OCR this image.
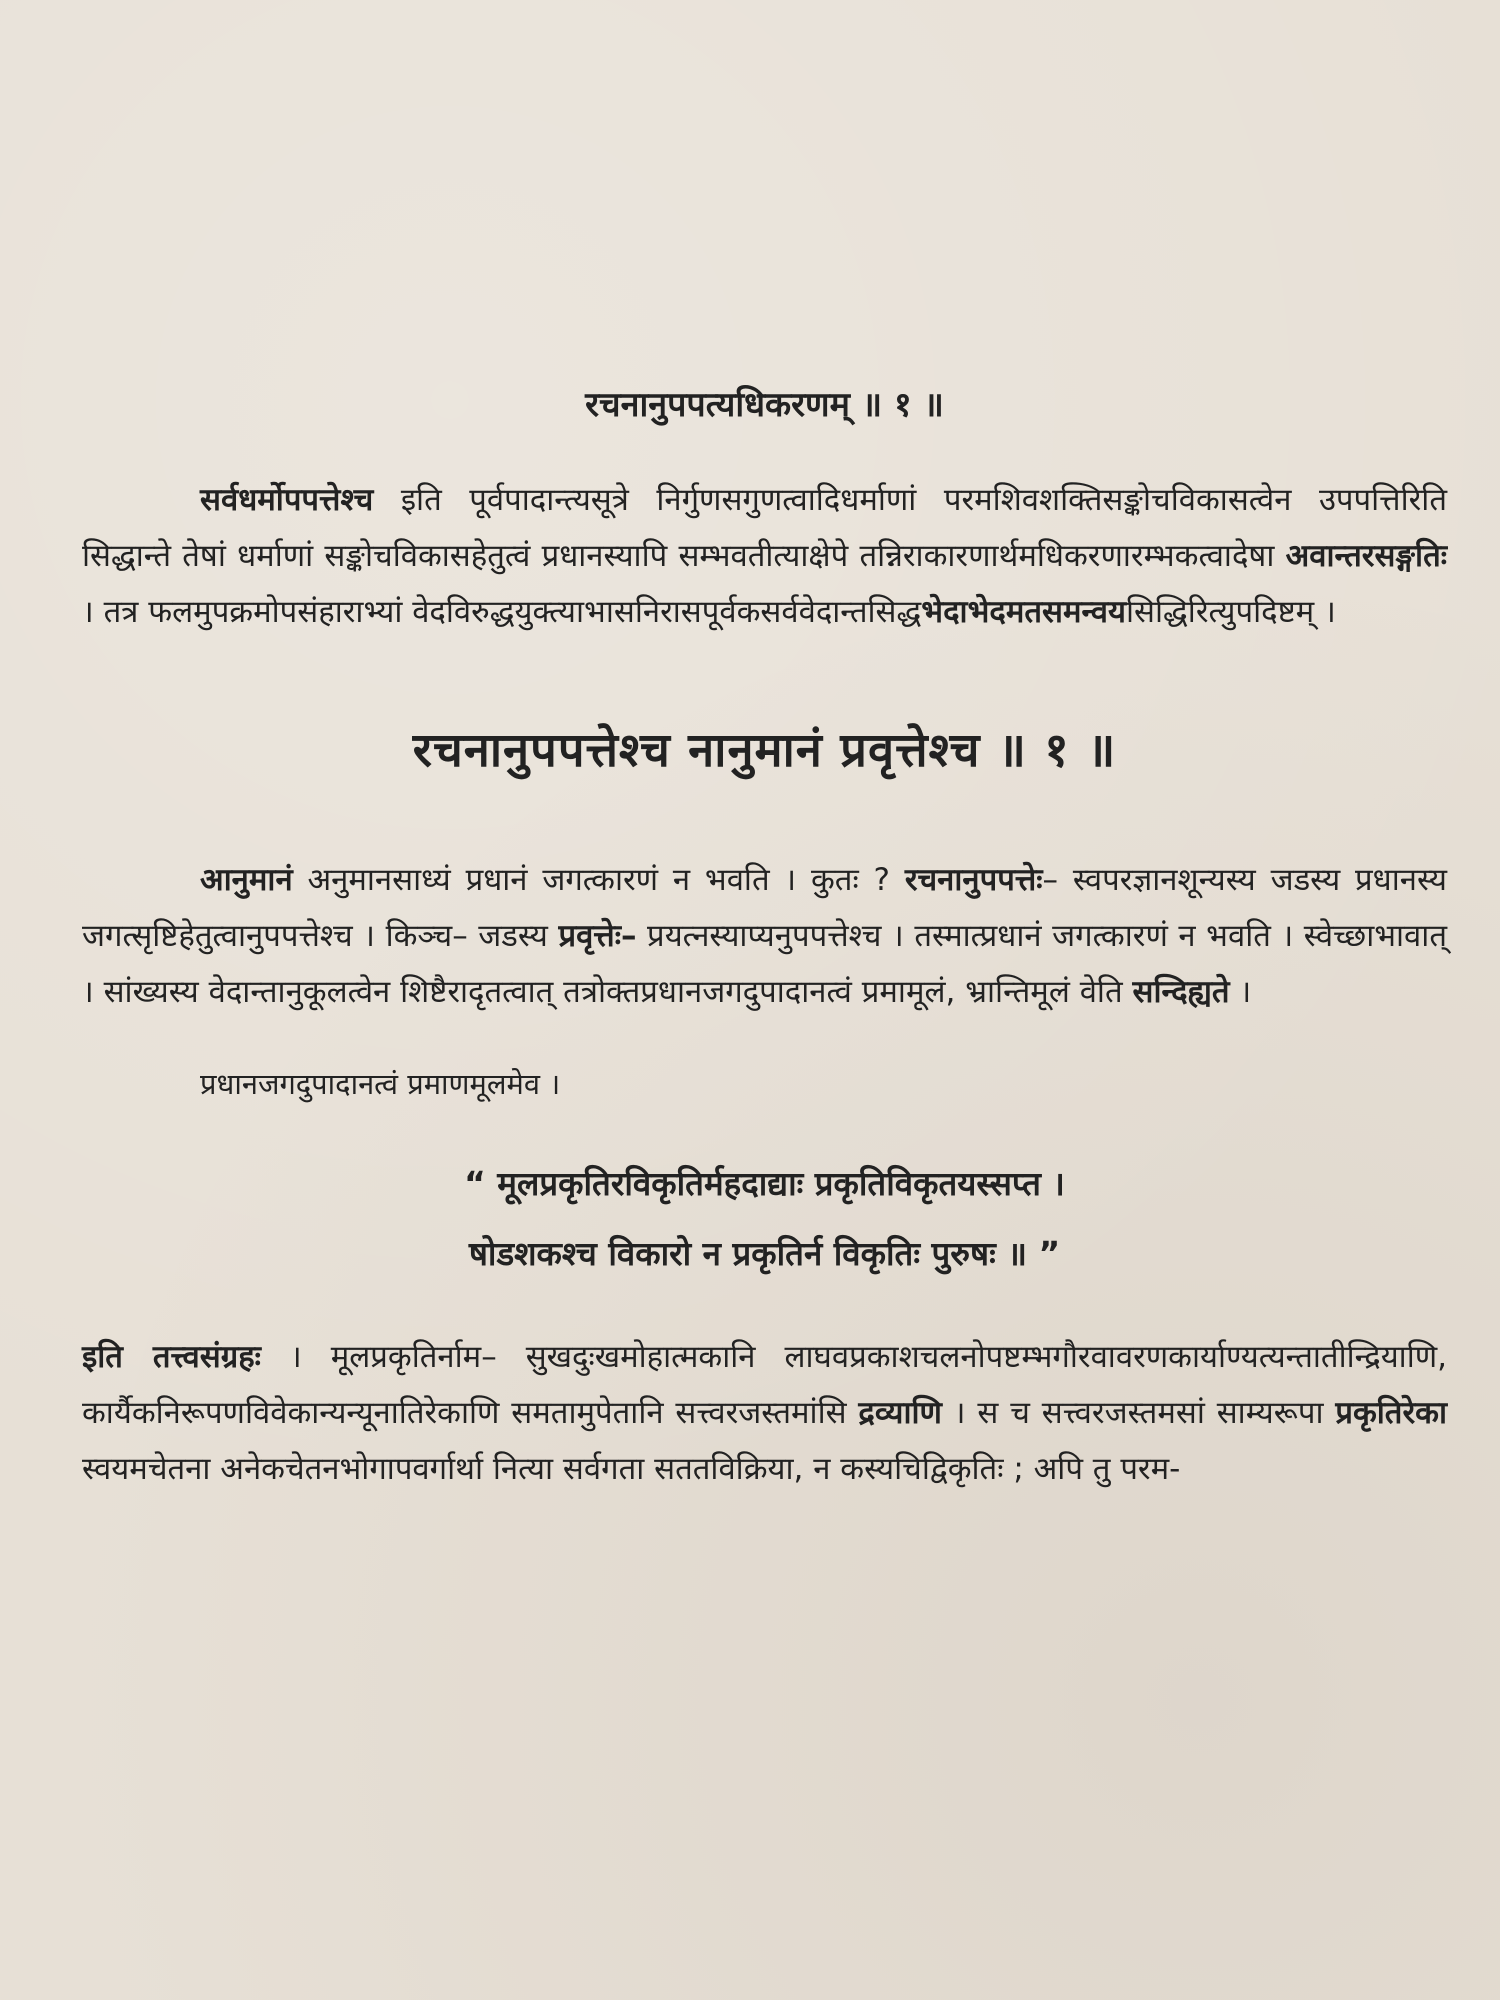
रचनानुपपत्यधिकरणम् ॥ १ ॥

सर्वधर्मोपपत्तेश्च इति पूर्वपादान्त्यसूत्रे निर्गुणसगुणत्वादिधर्माणां परमशिवशक्तिसङ्कोचविकासत्वेन उपपत्तिरिति सिद्धान्ते तेषां धर्माणां सङ्कोचविकासहेतुत्वं प्रधानस्यापि सम्भवतीत्याक्षेपे तन्निराकारणार्थमधिकरणारम्भकत्वादेषा अवान्तरसङ्गतिः । तत्र फलमुपक्रमोपसंहाराभ्यां वेदविरुद्धयुक्त्याभासनिरासपूर्वकसर्ववेदान्तसिद्धभेदाभेदमतसमन्वयसिद्धिरित्युपदिष्टम् ।

रचनानुपपत्तेश्च नानुमानं प्रवृत्तेश्च ॥ १ ॥

आनुमानं अनुमानसाध्यं प्रधानं जगत्कारणं न भवति । कुतः ? रचनानुपपत्तेः– स्वपरज्ञानशून्यस्य जडस्य प्रधानस्य जगत्सृष्टिहेतुत्वानुपपत्तेश्च । किञ्च– जडस्य प्रवृत्तेः– प्रयत्नस्याप्यनुपपत्तेश्च । तस्मात्प्रधानं जगत्कारणं न भवति । स्वेच्छाभावात् । सांख्यस्य वेदान्तानुकूलत्वेन शिष्टैरादृतत्वात् तत्रोक्तप्रधानजगदुपादानत्वं प्रमामूलं, भ्रान्तिमूलं वेति सन्दिह्यते ।

प्रधानजगदुपादानत्वं प्रमाणमूलमेव ।
“ मूलप्रकृतिरविकृतिर्महदाद्याः प्रकृतिविकृतयस्सप्त ।
षोडशकश्च विकारो न प्रकृतिर्न विकृतिः पुरुषः ॥ ”

इति तत्त्वसंग्रहः । मूलप्रकृतिर्नाम– सुखदुःखमोहात्मकानि लाघवप्रकाशचलनोपष्टम्भगौरवावरणकार्याण्यत्यन्तातीन्द्रियाणि, कार्यैकनिरूपणविवेकान्यन्यूनातिरेकाणि समतामुपेतानि सत्त्वरजस्तमांसि द्रव्याणि । स च सत्त्वरजस्तमसां साम्यरूपा प्रकृतिरेका स्वयमचेतना अनेकचेतनभोगापवर्गार्था नित्या सर्वगता सततविक्रिया, न कस्यचिद्विकृतिः ; अपि तु परम-
